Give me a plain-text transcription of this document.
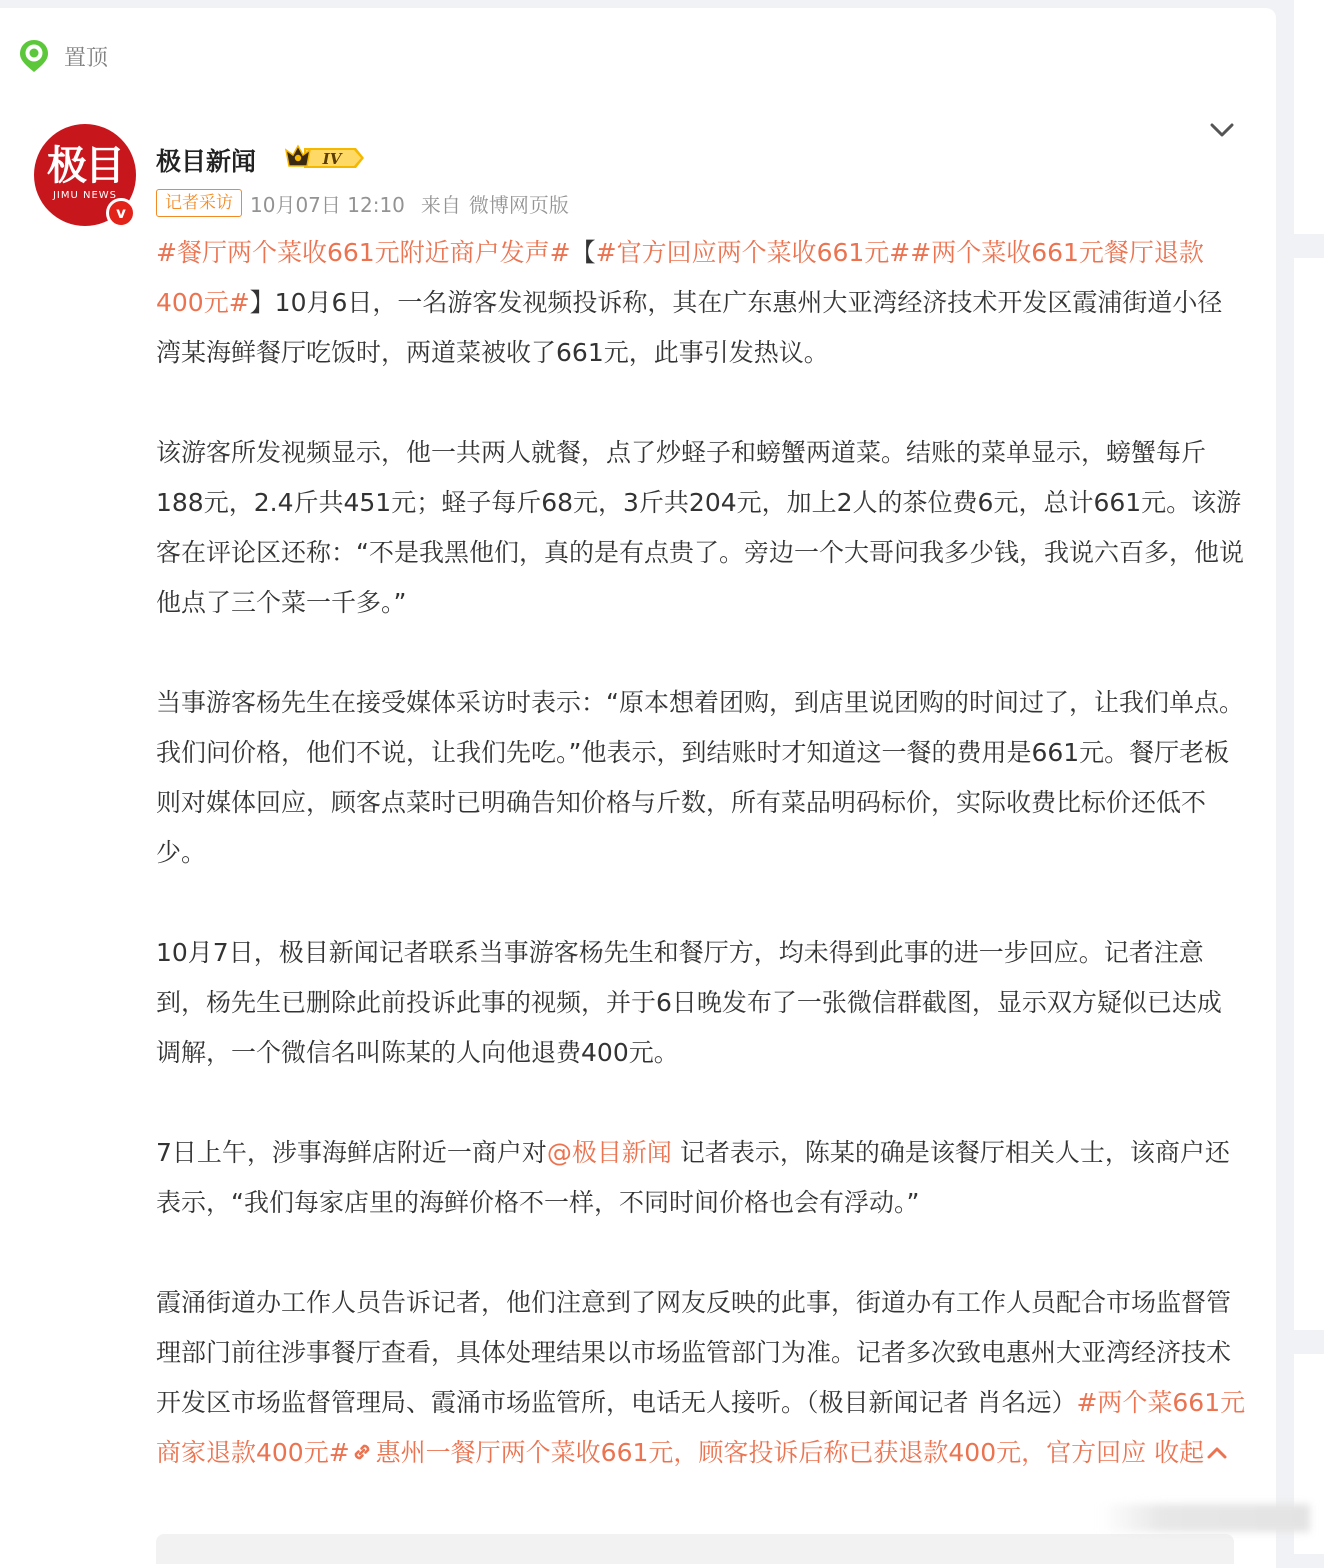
置顶
极目
JIMU NEWS
v
极目新闻	IV
记者采访 10月07日 12:10 来自 微博网页版

#餐厅两个菜收661元附近商户发声#【#官方回应两个菜收661元##两个菜收661元餐厅退款400元#】10月6日，一名游客发视频投诉称，其在广东惠州大亚湾经济技术开发区霞浦街道小径湾某海鲜餐厅吃饭时，两道菜被收了661元，此事引发热议。

该游客所发视频显示，他一共两人就餐，点了炒蛏子和螃蟹两道菜。结账的菜单显示，螃蟹每斤188元，2.4斤共451元；蛏子每斤68元，3斤共204元，加上2人的茶位费6元，总计661元。该游客在评论区还称：“不是我黑他们，真的是有点贵了。旁边一个大哥问我多少钱，我说六百多，他说他点了三个菜一千多。”

当事游客杨先生在接受媒体采访时表示：“原本想着团购，到店里说团购的时间过了，让我们单点。我们问价格，他们不说，让我们先吃。”他表示，到结账时才知道这一餐的费用是661元。餐厅老板则对媒体回应，顾客点菜时已明确告知价格与斤数，所有菜品明码标价，实际收费比标价还低不少。

10月7日，极目新闻记者联系当事游客杨先生和餐厅方，均未得到此事的进一步回应。记者注意到，杨先生已删除此前投诉此事的视频，并于6日晚发布了一张微信群截图，显示双方疑似已达成调解，一个微信名叫陈某的人向他退费400元。

7日上午，涉事海鲜店附近一商户对@极目新闻 记者表示，陈某的确是该餐厅相关人士，该商户还表示，“我们每家店里的海鲜价格不一样，不同时间价格也会有浮动。”

霞涌街道办工作人员告诉记者，他们注意到了网友反映的此事，街道办有工作人员配合市场监督管理部门前往涉事餐厅查看，具体处理结果以市场监管部门为准。记者多次致电惠州大亚湾经济技术开发区市场监督管理局、霞涌市场监管所，电话无人接听。（极目新闻记者 肖名远）#两个菜661元商家退款400元# 惠州一餐厅两个菜收661元，顾客投诉后称已获退款400元，官方回应 收起
